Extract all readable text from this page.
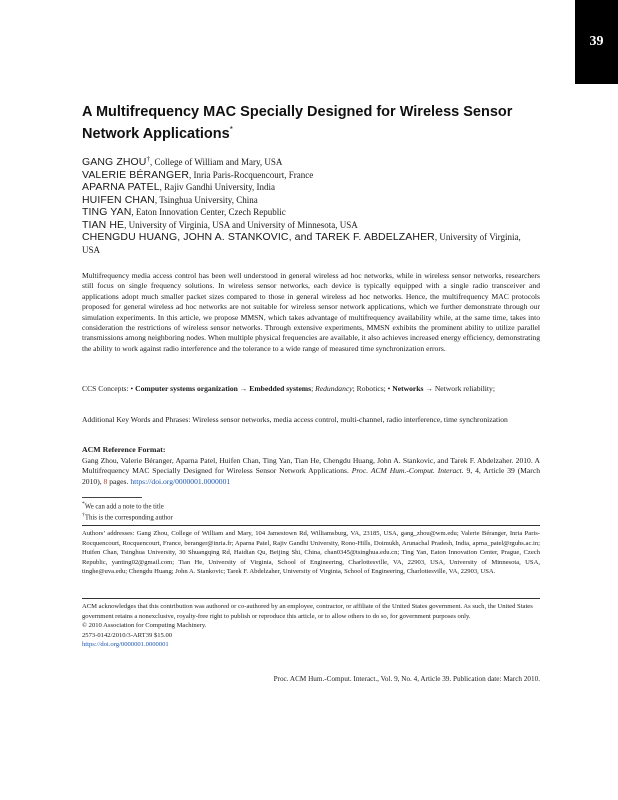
39
A Multifrequency MAC Specially Designed for Wireless Sensor Network Applications*
GANG ZHOU†, College of William and Mary, USA
VALERIE BÉRANGER, Inria Paris-Rocquencourt, France
APARNA PATEL, Rajiv Gandhi University, India
HUIFEN CHAN, Tsinghua University, China
TING YAN, Eaton Innovation Center, Czech Republic
TIAN HE, University of Virginia, USA and University of Minnesota, USA
CHENGDU HUANG, JOHN A. STANKOVIC, and TAREK F. ABDELZAHER, University of Virginia, USA
Multifrequency media access control has been well understood in general wireless ad hoc networks, while in wireless sensor networks, researchers still focus on single frequency solutions. In wireless sensor networks, each device is typically equipped with a single radio transceiver and applications adopt much smaller packet sizes compared to those in general wireless ad hoc networks. Hence, the multifrequency MAC protocols proposed for general wireless ad hoc networks are not suitable for wireless sensor network applications, which we further demonstrate through our simulation experiments. In this article, we propose MMSN, which takes advantage of multifrequency availability while, at the same time, takes into consideration the restrictions of wireless sensor networks. Through extensive experiments, MMSN exhibits the prominent ability to utilize parallel transmissions among neighboring nodes. When multiple physical frequencies are available, it also achieves increased energy efficiency, demonstrating the ability to work against radio interference and the tolerance to a wide range of measured time synchronization errors.
CCS Concepts: • Computer systems organization → Embedded systems; Redundancy; Robotics; • Networks → Network reliability;
Additional Key Words and Phrases: Wireless sensor networks, media access control, multi-channel, radio interference, time synchronization
ACM Reference Format:
Gang Zhou, Valerie Béranger, Aparna Patel, Huifen Chan, Ting Yan, Tian He, Chengdu Huang, John A. Stankovic, and Tarek F. Abdelzaher. 2010. A Multifrequency MAC Specially Designed for Wireless Sensor Network Applications. Proc. ACM Hum.-Comput. Interact. 9, 4, Article 39 (March 2010), 8 pages. https://doi.org/0000001.0000001
*We can add a note to the title
†This is the corresponding author
Authors’ addresses: Gang Zhou, College of William and Mary, 104 Jamestown Rd, Williamsburg, VA, 23185, USA, gang_zhou@wm.edu; Valerie Béranger, Inria Paris-Rocquencourt, Rocquencourt, France, beranger@inria.fr; Aparna Patel, Rajiv Gandhi University, Rono-Hills, Doimukh, Arunachal Pradesh, India, aprna_patel@rguhs.ac.in; Huifen Chan, Tsinghua University, 30 Shuangqing Rd, Haidian Qu, Beijing Shi, China, chan0345@tsinghua.edu.cn; Ting Yan, Eaton Innovation Center, Prague, Czech Republic, yanting02@gmail.com; Tian He, University of Virginia, School of Engineering, Charlottesville, VA, 22903, USA, University of Minnesota, USA, tinghe@uva.edu; Chengdu Huang; John A. Stankovic; Tarek F. Abdelzaher, University of Virginia, School of Engineering, Charlottesville, VA, 22903, USA.
ACM acknowledges that this contribution was authored or co-authored by an employee, contractor, or affiliate of the United States government. As such, the United States government retains a nonexclusive, royalty-free right to publish or reproduce this article, or to allow others to do so, for government purposes only.
© 2010 Association for Computing Machinery.
2573-0142/2010/3-ART39 $15.00
https://doi.org/0000001.0000001
Proc. ACM Hum.-Comput. Interact., Vol. 9, No. 4, Article 39. Publication date: March 2010.
